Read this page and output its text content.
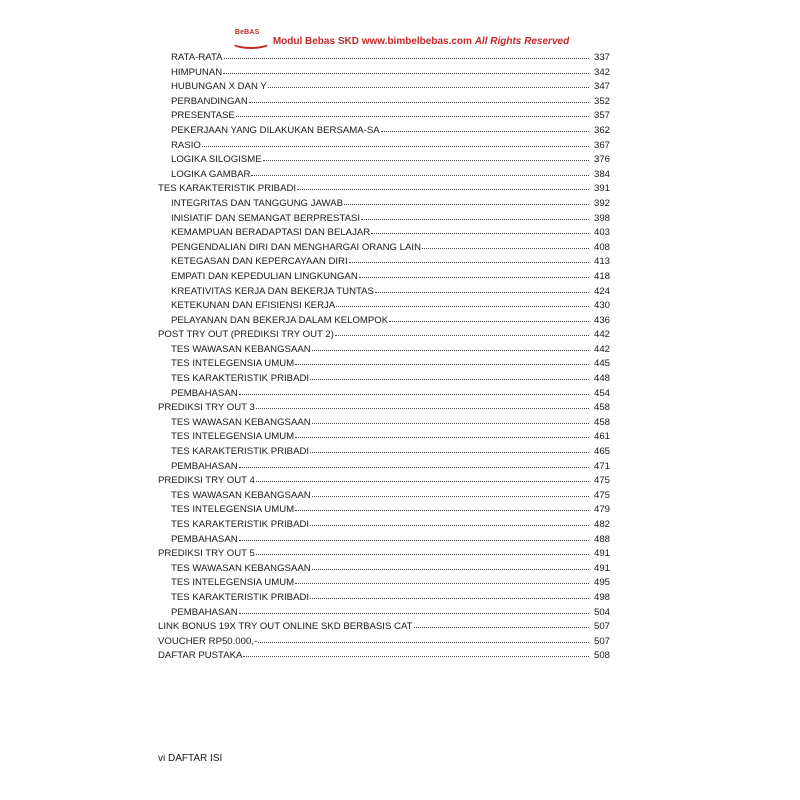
BeBAS
Modul Bebas SKD www.bimbelbebas.com All Rights Reserved
RATA-RATA	337
HIMPUNAN	342
HUBUNGAN X DAN Y	347
PERBANDINGAN	352
PRESENTASE	357
PEKERJAAN YANG DILAKUKAN BERSAMA-SA	362
RASIO	367
LOGIKA SILOGISME	376
LOGIKA GAMBAR	384
TES KARAKTERISTIK PRIBADI	391
INTEGRITAS DAN TANGGUNG JAWAB	392
INISIATIF DAN SEMANGAT BERPRESTASI	398
KEMAMPUAN BERADAPTASI DAN BELAJAR	403
PENGENDALIAN DIRI DAN MENGHARGAI ORANG LAIN	408
KETEGASAN DAN KEPERCAYAAN DIRI	413
EMPATI DAN KEPEDULIAN LINGKUNGAN	418
KREATIVITAS KERJA DAN BEKERJA TUNTAS	424
KETEKUNAN DAN EFISIENSI KERJA	430
PELAYANAN DAN BEKERJA DALAM KELOMPOK	436
POST TRY OUT (PREDIKSI TRY OUT 2)	442
TES WAWASAN KEBANGSAAN	442
TES INTELEGENSIA UMUM	445
TES KARAKTERISTIK PRIBADI	448
PEMBAHASAN	454
PREDIKSI TRY OUT 3	458
TES WAWASAN KEBANGSAAN	458
TES INTELEGENSIA UMUM	461
TES KARAKTERISTIK PRIBADI	465
PEMBAHASAN	471
PREDIKSI TRY OUT 4	475
TES WAWASAN KEBANGSAAN	475
TES INTELEGENSIA UMUM	479
TES KARAKTERISTIK PRIBADI	482
PEMBAHASAN	488
PREDIKSI TRY OUT 5	491
TES WAWASAN KEBANGSAAN	491
TES INTELEGENSIA UMUM	495
TES KARAKTERISTIK PRIBADI	498
PEMBAHASAN	504
LINK BONUS 19X TRY OUT ONLINE SKD BERBASIS CAT	507
VOUCHER RP50.000,-	507
DAFTAR PUSTAKA	508
vi DAFTAR ISI
